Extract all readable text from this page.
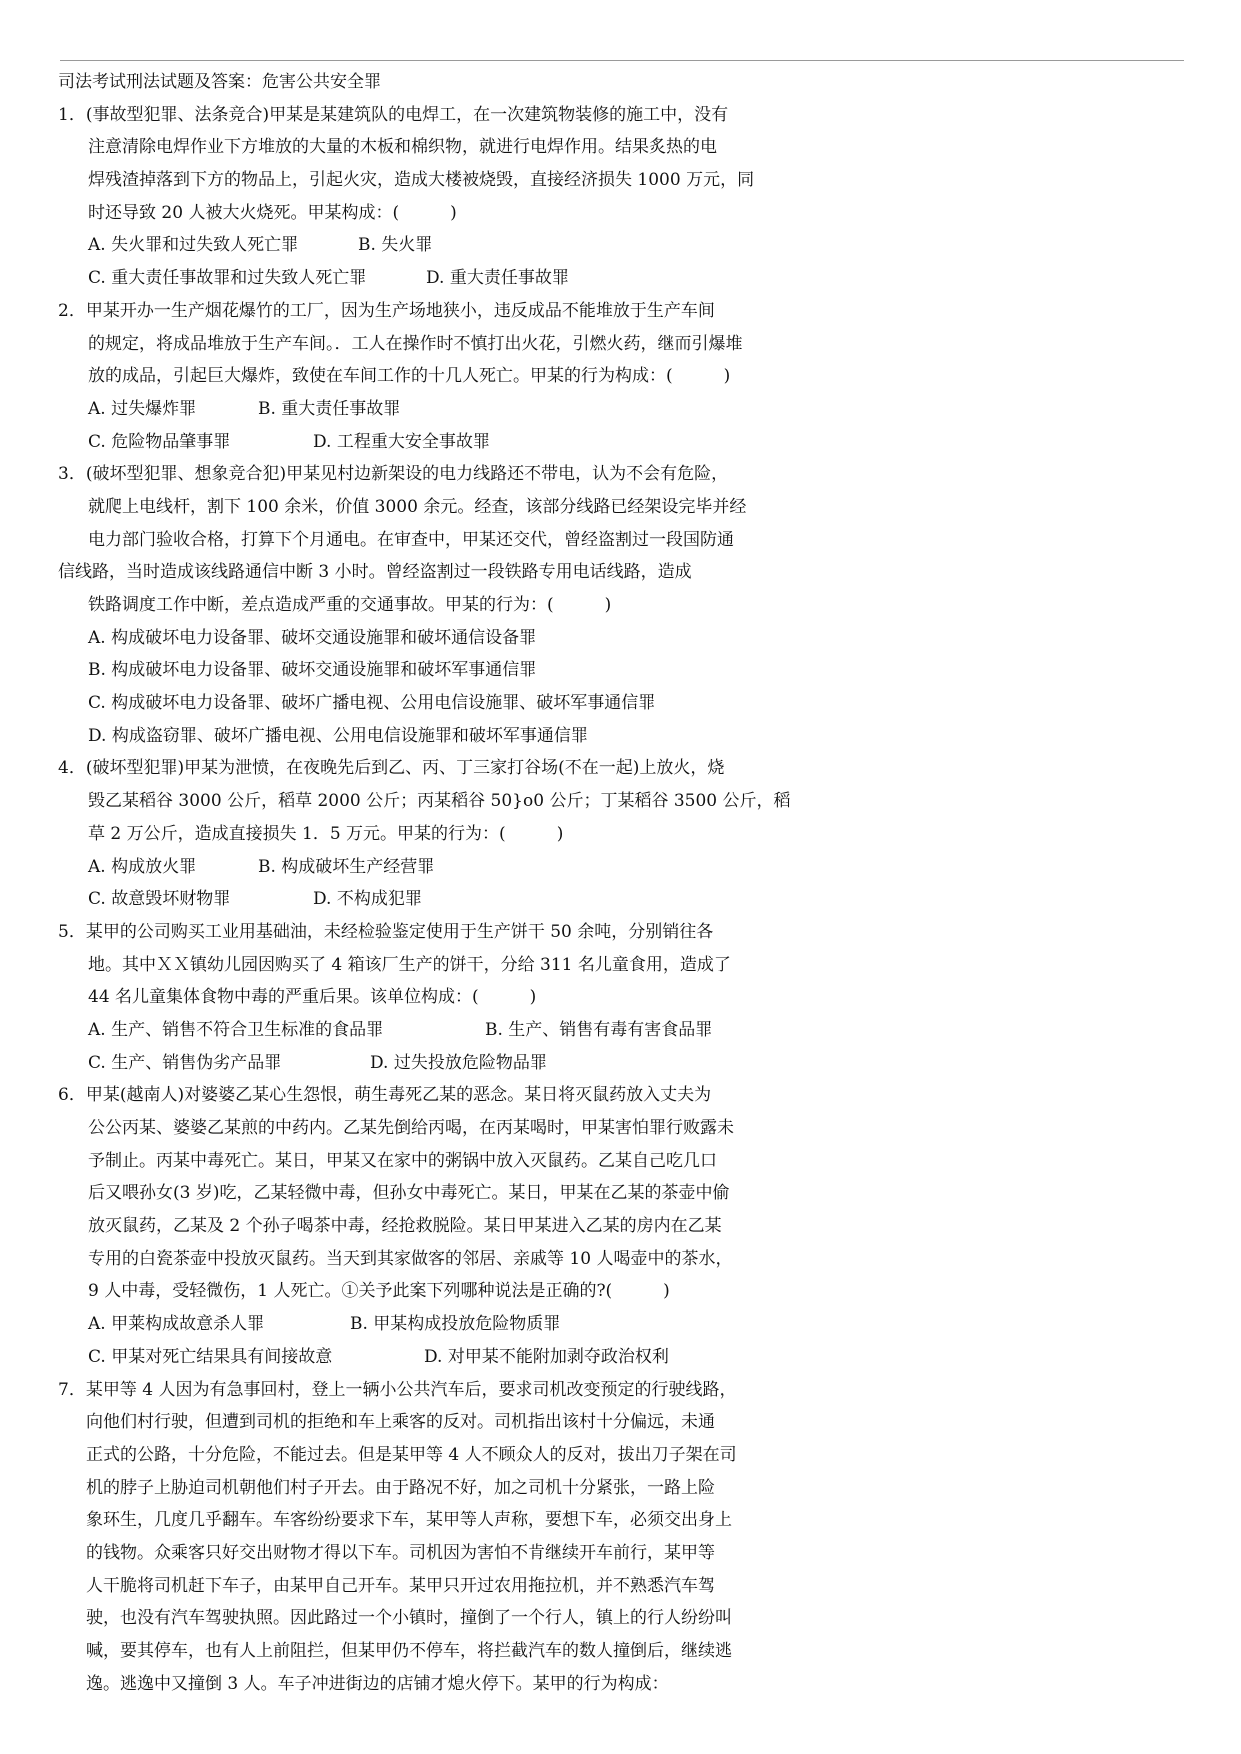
司法考试刑法试题及答案：危害公共安全罪
1．(事故型犯罪、法条竞合)甲某是某建筑队的电焊工，在一次建筑物装修的施工中，没有
注意清除电焊作业下方堆放的大量的木板和棉织物，就进行电焊作用。结果炙热的电
焊残渣掉落到下方的物品上，引起火灾，造成大楼被烧毁，直接经济损失 1000 万元，同
时还导致 20 人被大火烧死。甲某构成：(　　　)
A. 失火罪和过失致人死亡罪	B. 失火罪
C. 重大责任事故罪和过失致人死亡罪	D. 重大责任事故罪
2．甲某开办一生产烟花爆竹的工厂，因为生产场地狭小，违反成品不能堆放于生产车间
的规定，将成品堆放于生产车间。．工人在操作时不慎打出火花，引燃火药，继而引爆堆
放的成品，引起巨大爆炸，致使在车间工作的十几人死亡。甲某的行为构成：(　　　)
A. 过失爆炸罪	B. 重大责任事故罪
C. 危险物品肇事罪	D. 工程重大安全事故罪
3．(破坏型犯罪、想象竞合犯)甲某见村边新架设的电力线路还不带电，认为不会有危险，
就爬上电线杆，割下 100 余米，价值 3000 余元。经查，该部分线路已经架设完毕并经
电力部门验收合格，打算下个月通电。在审查中，甲某还交代，曾经盗割过一段国防通
信线路，当时造成该线路通信中断 3 小时。曾经盗割过一段铁路专用电话线路，造成
铁路调度工作中断，差点造成严重的交通事故。甲某的行为：(　　　)
A. 构成破坏电力设备罪、破坏交通设施罪和破坏通信设备罪
B. 构成破坏电力设备罪、破坏交通设施罪和破坏军事通信罪
C. 构成破坏电力设备罪、破坏广播电视、公用电信设施罪、破坏军事通信罪
D. 构成盗窃罪、破坏广播电视、公用电信设施罪和破坏军事通信罪
4．(破坏型犯罪)甲某为泄愤，在夜晚先后到乙、丙、丁三家打谷场(不在一起)上放火，烧
毁乙某稻谷 3000 公斤，稻草 2000 公斤；丙某稻谷 50}o0 公斤；丁某稻谷 3500 公斤，稻
草 2 万公斤，造成直接损失 1．5 万元。甲某的行为：(　　　)
A. 构成放火罪	B. 构成破坏生产经营罪
C. 故意毁坏财物罪	D. 不构成犯罪
5．某甲的公司购买工业用基础油，未经检验鉴定使用于生产饼干 50 余吨，分别销往各
地。其中ＸＸ镇幼儿园因购买了 4 箱该厂生产的饼干，分给 311 名儿童食用，造成了
44 名儿童集体食物中毒的严重后果。该单位构成：(　　　)
A. 生产、销售不符合卫生标准的食品罪	B. 生产、销售有毒有害食品罪
C. 生产、销售伪劣产品罪	D. 过失投放危险物品罪
6．甲某(越南人)对婆婆乙某心生怨恨，萌生毒死乙某的恶念。某日将灭鼠药放入丈夫为
公公丙某、婆婆乙某煎的中药内。乙某先倒给丙喝，在丙某喝时，甲某害怕罪行败露未
予制止。丙某中毒死亡。某日，甲某又在家中的粥锅中放入灭鼠药。乙某自己吃几口
后又喂孙女(3 岁)吃，乙某轻微中毒，但孙女中毒死亡。某日，甲某在乙某的茶壶中偷
放灭鼠药，乙某及 2 个孙子喝茶中毒，经抢救脱险。某日甲某进入乙某的房内在乙某
专用的白瓷茶壶中投放灭鼠药。当天到其家做客的邻居、亲戚等 10 人喝壶中的茶水，
9 人中毒，受轻微伤，1 人死亡。①关予此案下列哪种说法是正确的?(　　　)
A. 甲莱构成故意杀人罪	B. 甲某构成投放危险物质罪
C. 甲某对死亡结果具有间接故意	D. 对甲某不能附加剥夺政治权利
7．某甲等 4 人因为有急事回村，登上一辆小公共汽车后，要求司机改变预定的行驶线路，
向他们村行驶，但遭到司机的拒绝和车上乘客的反对。司机指出该村十分偏远，未通
正式的公路，十分危险，不能过去。但是某甲等 4 人不顾众人的反对，拔出刀子架在司
机的脖子上胁迫司机朝他们村子开去。由于路况不好，加之司机十分紧张，一路上险
象环生，几度几乎翻车。车客纷纷要求下车，某甲等人声称，要想下车，必须交出身上
的钱物。众乘客只好交出财物才得以下车。司机因为害怕不肯继续开车前行，某甲等
人干脆将司机赶下车子，由某甲自己开车。某甲只开过农用拖拉机，并不熟悉汽车驾
驶，也没有汽车驾驶执照。因此路过一个小镇时，撞倒了一个行人，镇上的行人纷纷叫
喊，要其停车，也有人上前阻拦，但某甲仍不停车，将拦截汽车的数人撞倒后，继续逃
逸。逃逸中又撞倒 3 人。车子冲进街边的店铺才熄火停下。某甲的行为构成：
